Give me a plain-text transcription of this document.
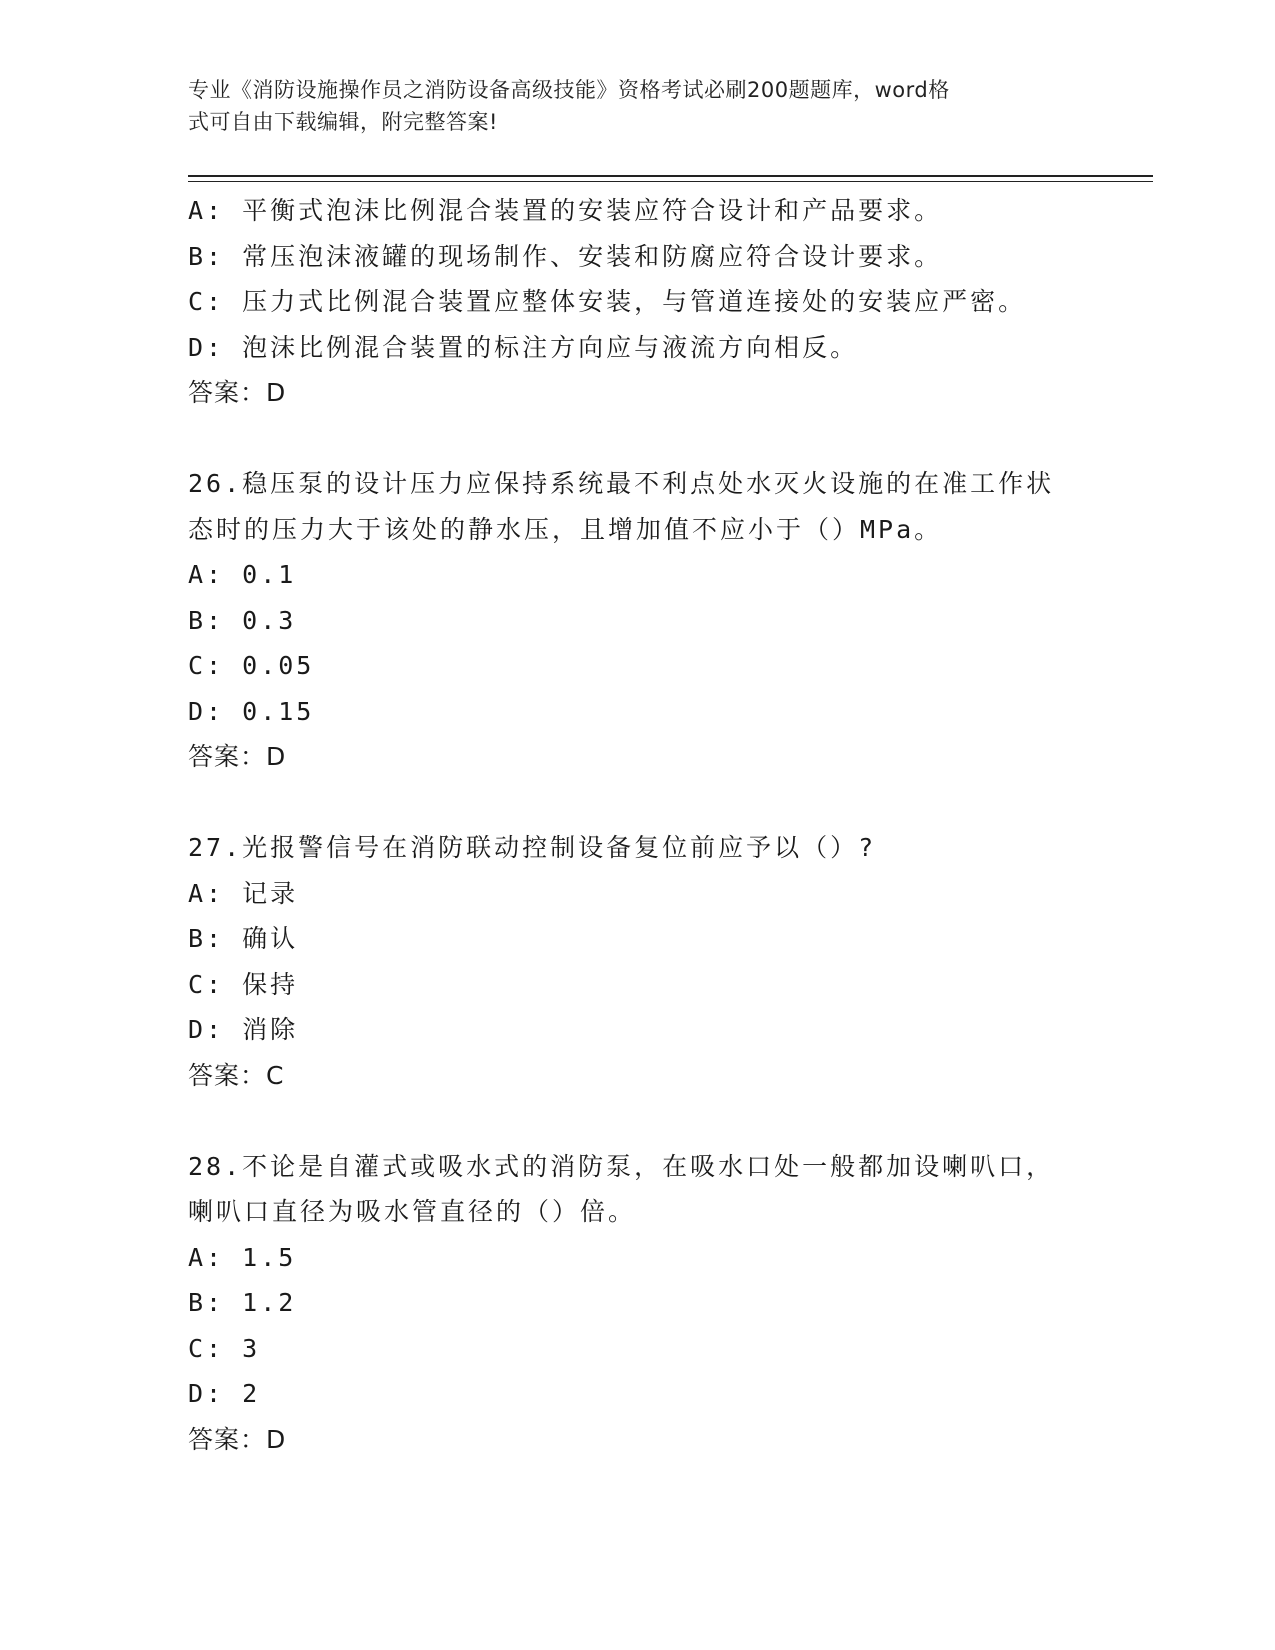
专业《消防设施操作员之消防设备高级技能》资格考试必刷200题题库，word格
式可自由下载编辑，附完整答案!
A: 平衡式泡沫比例混合装置的安装应符合设计和产品要求。
B: 常压泡沫液罐的现场制作、安装和防腐应符合设计要求。
C: 压力式比例混合装置应整体安装，与管道连接处的安装应严密。
D: 泡沫比例混合装置的标注方向应与液流方向相反。
答案：D
26.稳压泵的设计压力应保持系统最不利点处水灭火设施的在准工作状
态时的压力大于该处的静水压，且增加值不应小于（）MPa。
A: 0.1
B: 0.3
C: 0.05
D: 0.15
答案：D
27.光报警信号在消防联动控制设备复位前应予以（）?
A: 记录
B: 确认
C: 保持
D: 消除
答案：C
28.不论是自灌式或吸水式的消防泵，在吸水口处一般都加设喇叭口，
喇叭口直径为吸水管直径的（）倍。
A: 1.5
B: 1.2
C: 3
D: 2
答案：D
